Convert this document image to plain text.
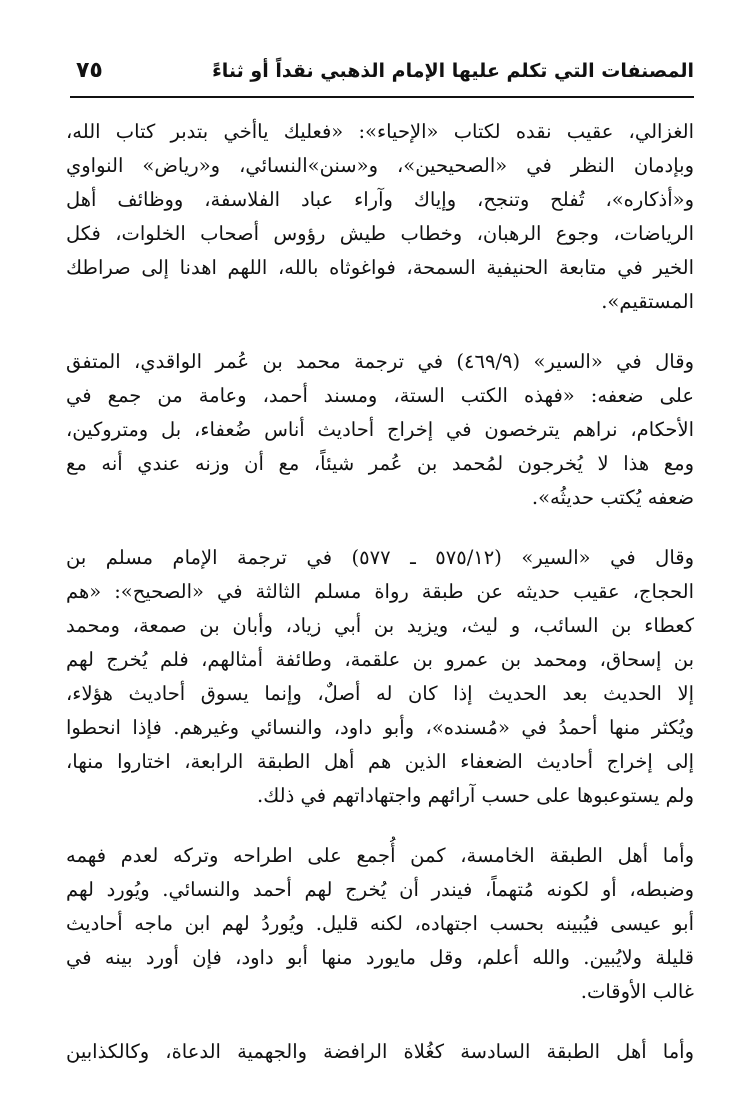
المصنفات التي تكلم عليها الإمام الذهبي نقداً أو ثناءً
٧٥

الغزالي، عقيب نقده لكتاب «الإحياء»: «فعليك ياأخي بتدبر كتاب الله،
وبإدمان النظر في «الصحيحين»، و«سنن»النسائي، و«رياض» النواوي
و«أذكاره»، تُفلح وتنجح، وإياك وآراء عباد الفلاسفة، ووظائف أهل
الرياضات، وجوع الرهبان، وخطاب طيش رؤوس أصحاب الخلوات، فكل
الخير في متابعة الحنيفية السمحة، فواغوثاه بالله، اللهم اهدنا إلى صراطك
المستقيم».

وقال في «السير» (٤٦٩/٩) في ترجمة محمد بن عُمر الواقدي، المتفق
على ضعفه: «فهذه الكتب الستة، ومسند أحمد، وعامة من جمع في
الأحكام، نراهم يترخصون في إخراج أحاديث أناس ضُعفاء، بل ومتروكين،
ومع هذا لا يُخرجون لمُحمد بن عُمر شيئاً، مع أن وزنه عندي أنه مع
ضعفه يُكتب حديثُه».

وقال في «السير» (٥٧٥/١٢ ـ ٥٧٧) في ترجمة الإمام مسلم بن
الحجاج، عقيب حديثه عن طبقة رواة مسلم الثالثة في «الصحيح»: «هم
كعطاء بن السائب، و ليث، ويزيد بن أبي زياد، وأبان بن صمعة، ومحمد
بن إسحاق، ومحمد بن عمرو بن علقمة، وطائفة أمثالهم، فلم يُخرج لهم
إلا الحديث بعد الحديث إذا كان له أصلٌ، وإنما يسوق أحاديث هؤلاء،
ويُكثر منها أحمدُ في «مُسنده»، وأبو داود، والنسائي وغيرهم. فإذا انحطوا
إلى إخراج أحاديث الضعفاء الذين هم أهل الطبقة الرابعة، اختاروا منها،
ولم يستوعبوها على حسب آرائهم واجتهاداتهم في ذلك.

وأما أهل الطبقة الخامسة، كمن أُجمع على اطراحه وتركه لعدم فهمه
وضبطه، أو لكونه مُتهماً، فيندر أن يُخرج لهم أحمد والنسائي. ويُورد لهم
أبو عيسى فيُبينه بحسب اجتهاده، لكنه قليل. ويُوردُ لهم ابن ماجه أحاديث
قليلة ولايُبين. والله أعلم، وقل مايورد منها أبو داود، فإن أورد بينه في
غالب الأوقات.

وأما أهل الطبقة السادسة كغُلاة الرافضة والجهمية الدعاة، وكالكذابين
